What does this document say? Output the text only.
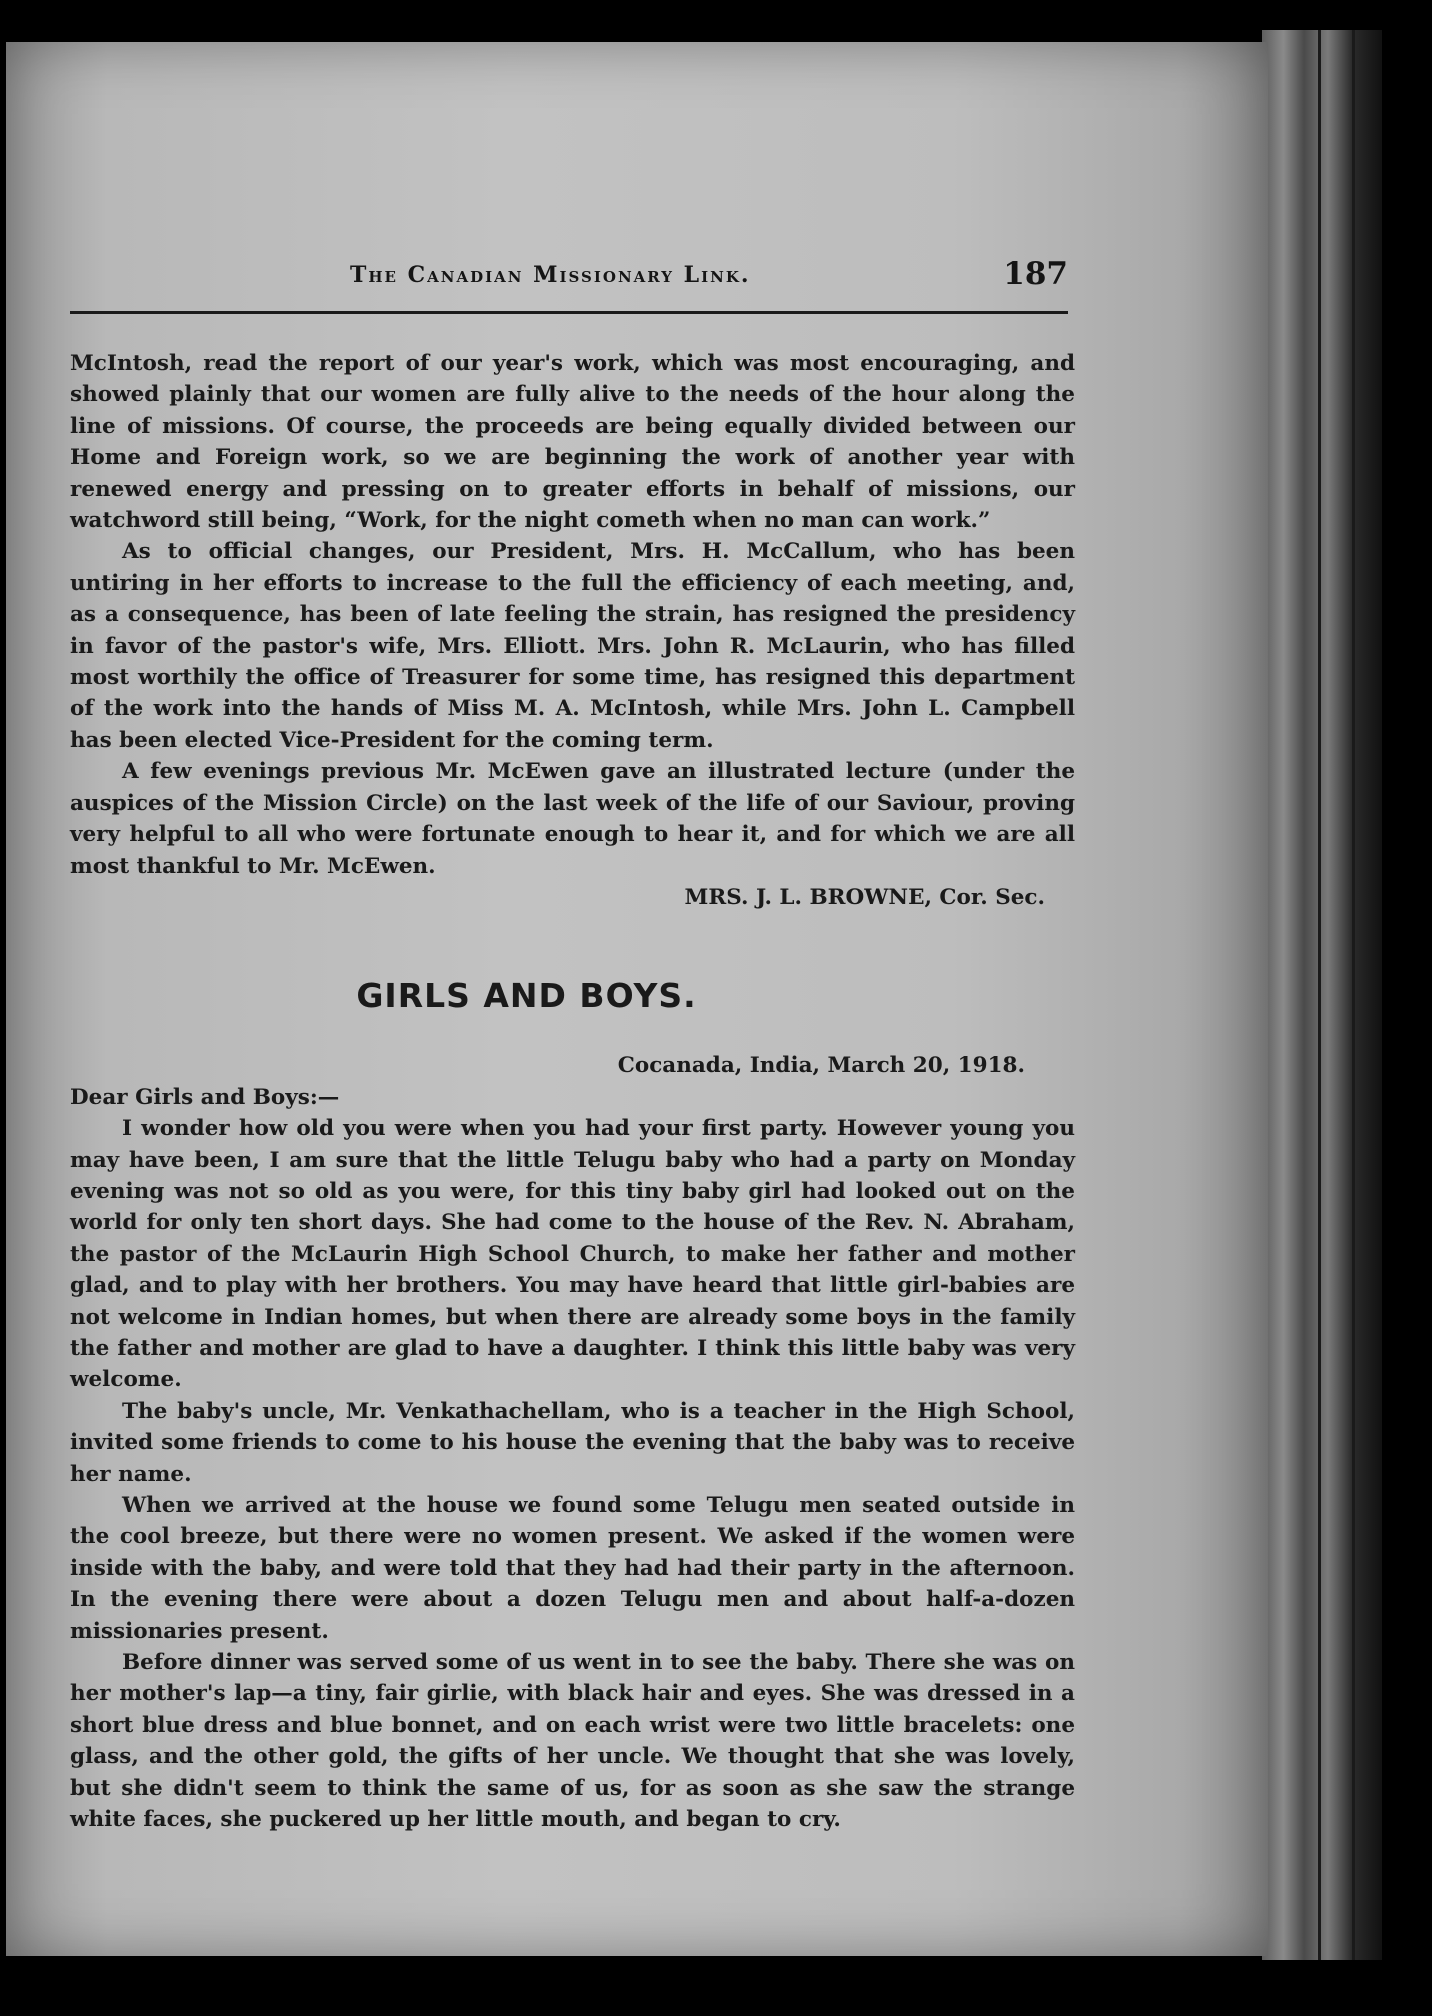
The Canadian Missionary Link.	187

McIntosh, read the report of our year's work, which was most encouraging, and showed plainly that our women are fully alive to the needs of the hour along the line of missions. Of course, the proceeds are being equally divided between our Home and Foreign work, so we are beginning the work of another year with renewed energy and pressing on to greater efforts in behalf of missions, our watchword still being, “Work, for the night cometh when no man can work.”

As to official changes, our President, Mrs. H. McCallum, who has been untiring in her efforts to increase to the full the efficiency of each meeting, and, as a consequence, has been of late feeling the strain, has resigned the presidency in favor of the pastor's wife, Mrs. Elliott. Mrs. John R. McLaurin, who has filled most worthily the office of Treasurer for some time, has resigned this department of the work into the hands of Miss M. A. McIntosh, while Mrs. John L. Campbell has been elected Vice-President for the coming term.

A few evenings previous Mr. McEwen gave an illustrated lecture (under the auspices of the Mission Circle) on the last week of the life of our Saviour, proving very helpful to all who were fortunate enough to hear it, and for which we are all most thankful to Mr. McEwen.

MRS. J. L. BROWNE, Cor. Sec.

GIRLS AND BOYS.

Cocanada, India, March 20, 1918.

Dear Girls and Boys:—

I wonder how old you were when you had your first party. However young you may have been, I am sure that the little Telugu baby who had a party on Monday evening was not so old as you were, for this tiny baby girl had looked out on the world for only ten short days. She had come to the house of the Rev. N. Abraham, the pastor of the McLaurin High School Church, to make her father and mother glad, and to play with her brothers. You may have heard that little girl-babies are not welcome in Indian homes, but when there are already some boys in the family the father and mother are glad to have a daughter. I think this little baby was very welcome.

The baby's uncle, Mr. Venkathachellam, who is a teacher in the High School, invited some friends to come to his house the evening that the baby was to receive her name.

When we arrived at the house we found some Telugu men seated outside in the cool breeze, but there were no women present. We asked if the women were inside with the baby, and were told that they had had their party in the afternoon. In the evening there were about a dozen Telugu men and about half-a-dozen missionaries present.

Before dinner was served some of us went in to see the baby. There she was on her mother's lap—a tiny, fair girlie, with black hair and eyes. She was dressed in a short blue dress and blue bonnet, and on each wrist were two little bracelets: one glass, and the other gold, the gifts of her uncle. We thought that she was lovely, but she didn't seem to think the same of us, for as soon as she saw the strange white faces, she puckered up her little mouth, and began to cry.
